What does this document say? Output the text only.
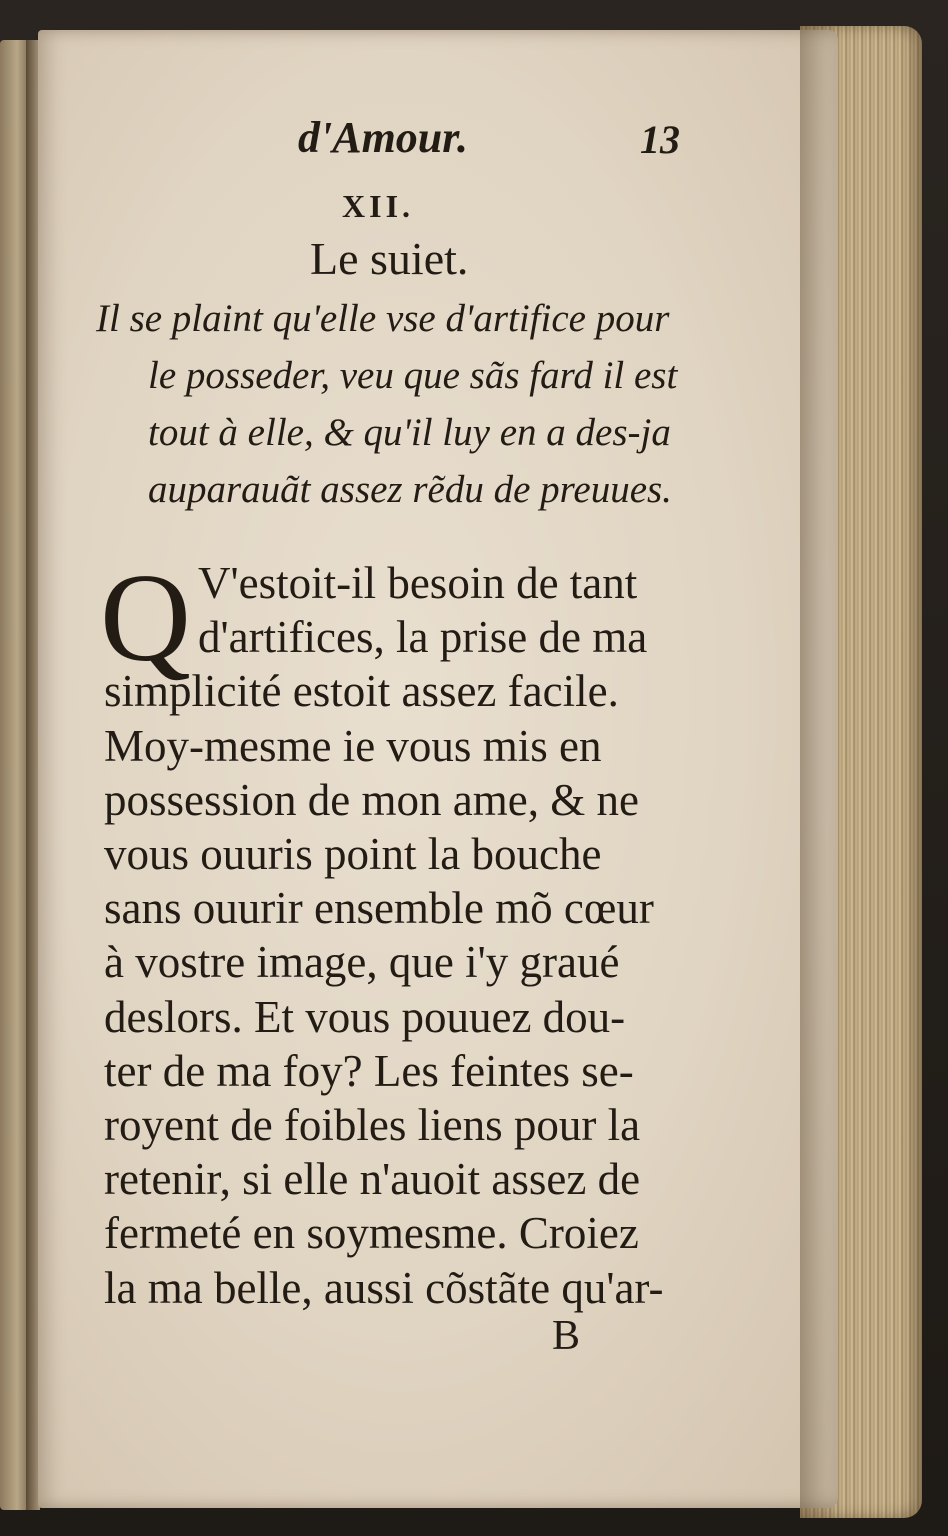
d'Amour.	13
XII.
Le suiet.
Il se plaint qu'elle vse d'artifice pour
le posseder, veu que sãs fard il est
tout à elle, & qu'il luy en a des-ja
auparauãt assez rẽdu de preuues.
Q V'estoit-il besoin de tant
d'artifices, la prise de ma
simplicité estoit assez facile.
Moy-mesme ie vous mis en
possession de mon ame, & ne
vous ouuris point la bouche
sans ouurir ensemble mõ cœur
à vostre image, que i'y graué
deslors. Et vous pouuez dou-
ter de ma foy? Les feintes se-
royent de foibles liens pour la
retenir, si elle n'auoit assez de
fermeté en soymesme. Croiez
la ma belle, aussi cõstãte qu'ar-
B
